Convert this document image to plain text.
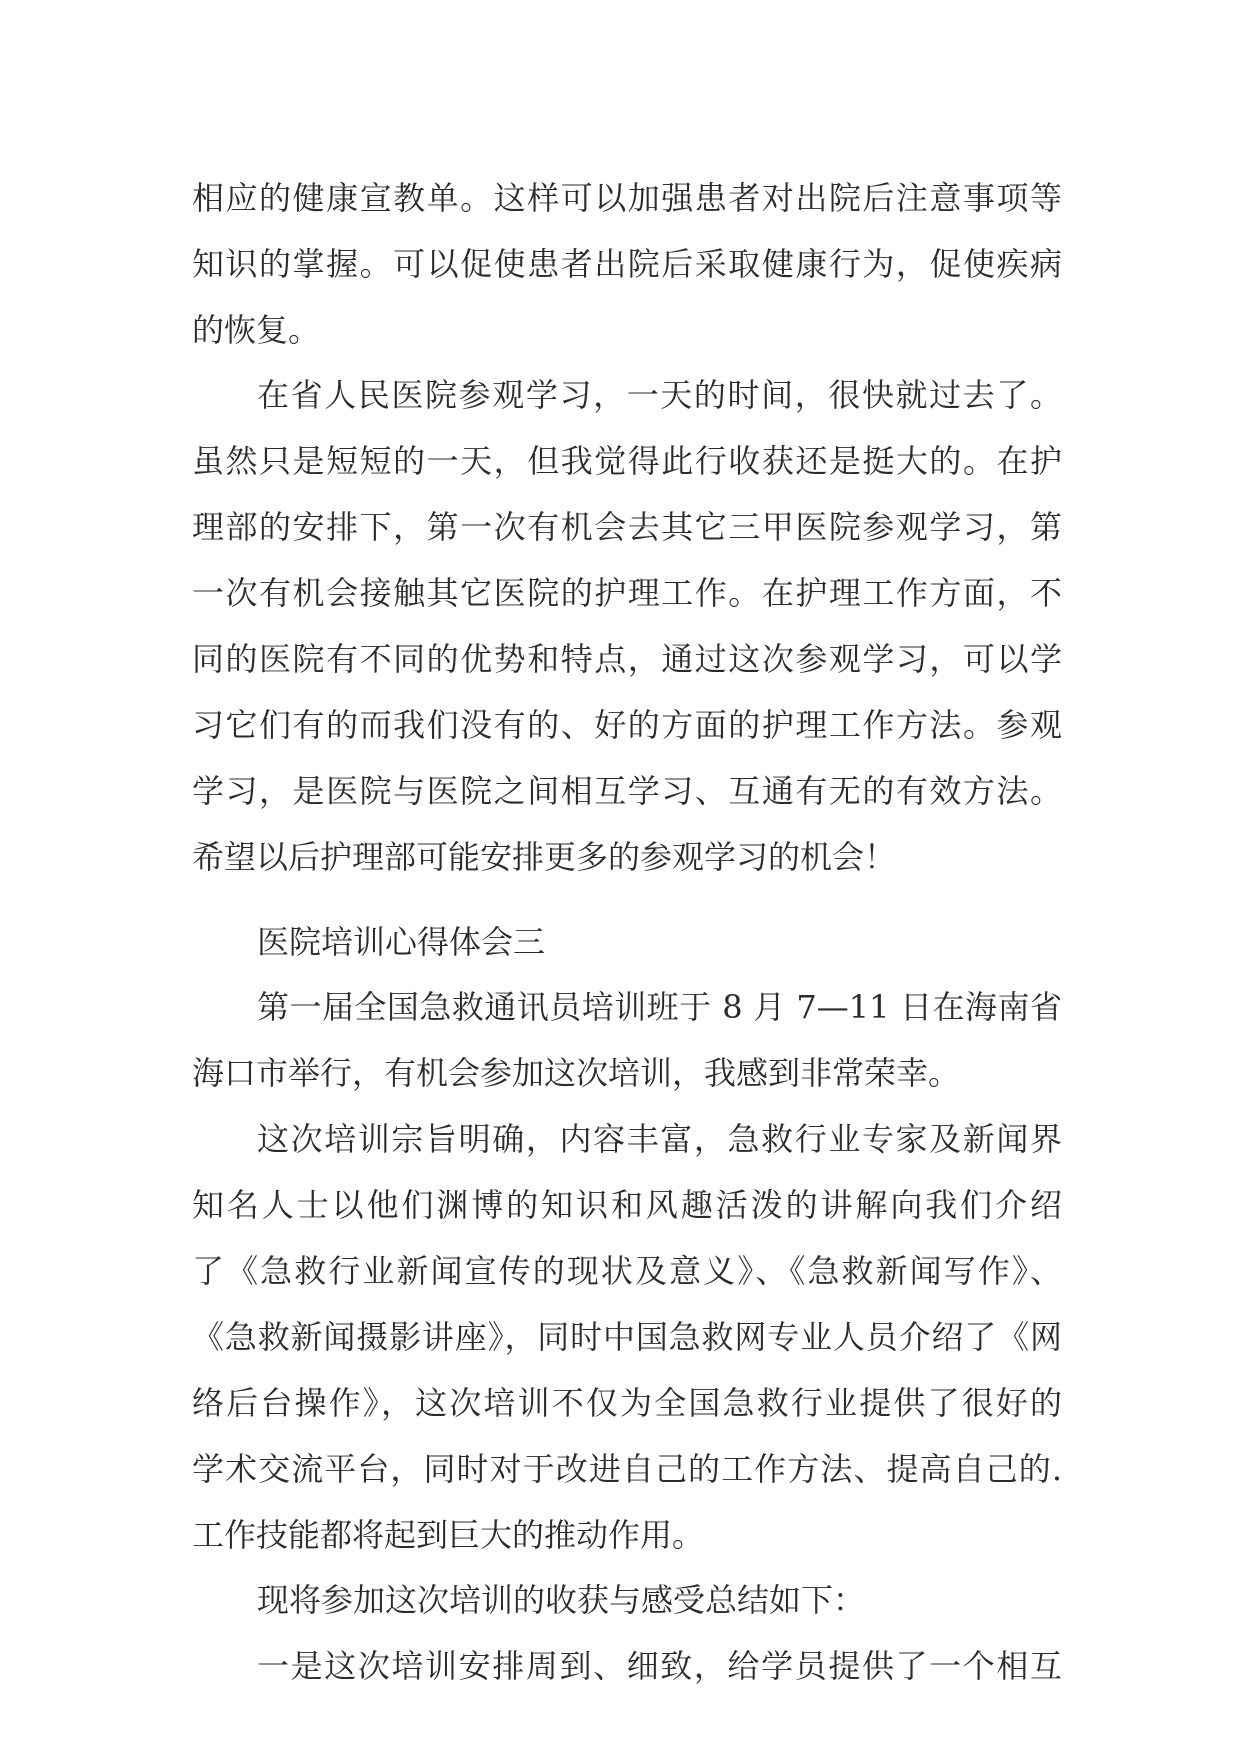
相应的健康宣教单。这样可以加强患者对出院后注意事项等
知识的掌握。可以促使患者出院后采取健康行为，促使疾病
的恢复。
在省人民医院参观学习，一天的时间，很快就过去了。
虽然只是短短的一天，但我觉得此行收获还是挺大的。在护
理部的安排下，第一次有机会去其它三甲医院参观学习，第
一次有机会接触其它医院的护理工作。在护理工作方面，不
同的医院有不同的优势和特点，通过这次参观学习，可以学
习它们有的而我们没有的、好的方面的护理工作方法。参观
学习，是医院与医院之间相互学习、互通有无的有效方法。
希望以后护理部可能安排更多的参观学习的机会！
医院培训心得体会三
第一届全国急救通讯员培训班于 8 月 7—11 日在海南省
海口市举行，有机会参加这次培训，我感到非常荣幸。
这次培训宗旨明确，内容丰富，急救行业专家及新闻界
知名人士以他们渊博的知识和风趣活泼的讲解向我们介绍
了《急救行业新闻宣传的现状及意义》、《急救新闻写作》、
《急救新闻摄影讲座》，同时中国急救网专业人员介绍了《网
络后台操作》，这次培训不仅为全国急救行业提供了很好的
学术交流平台，同时对于改进自己的工作方法、提高自己的.
工作技能都将起到巨大的推动作用。
现将参加这次培训的收获与感受总结如下：
一是这次培训安排周到、细致，给学员提供了一个相互
